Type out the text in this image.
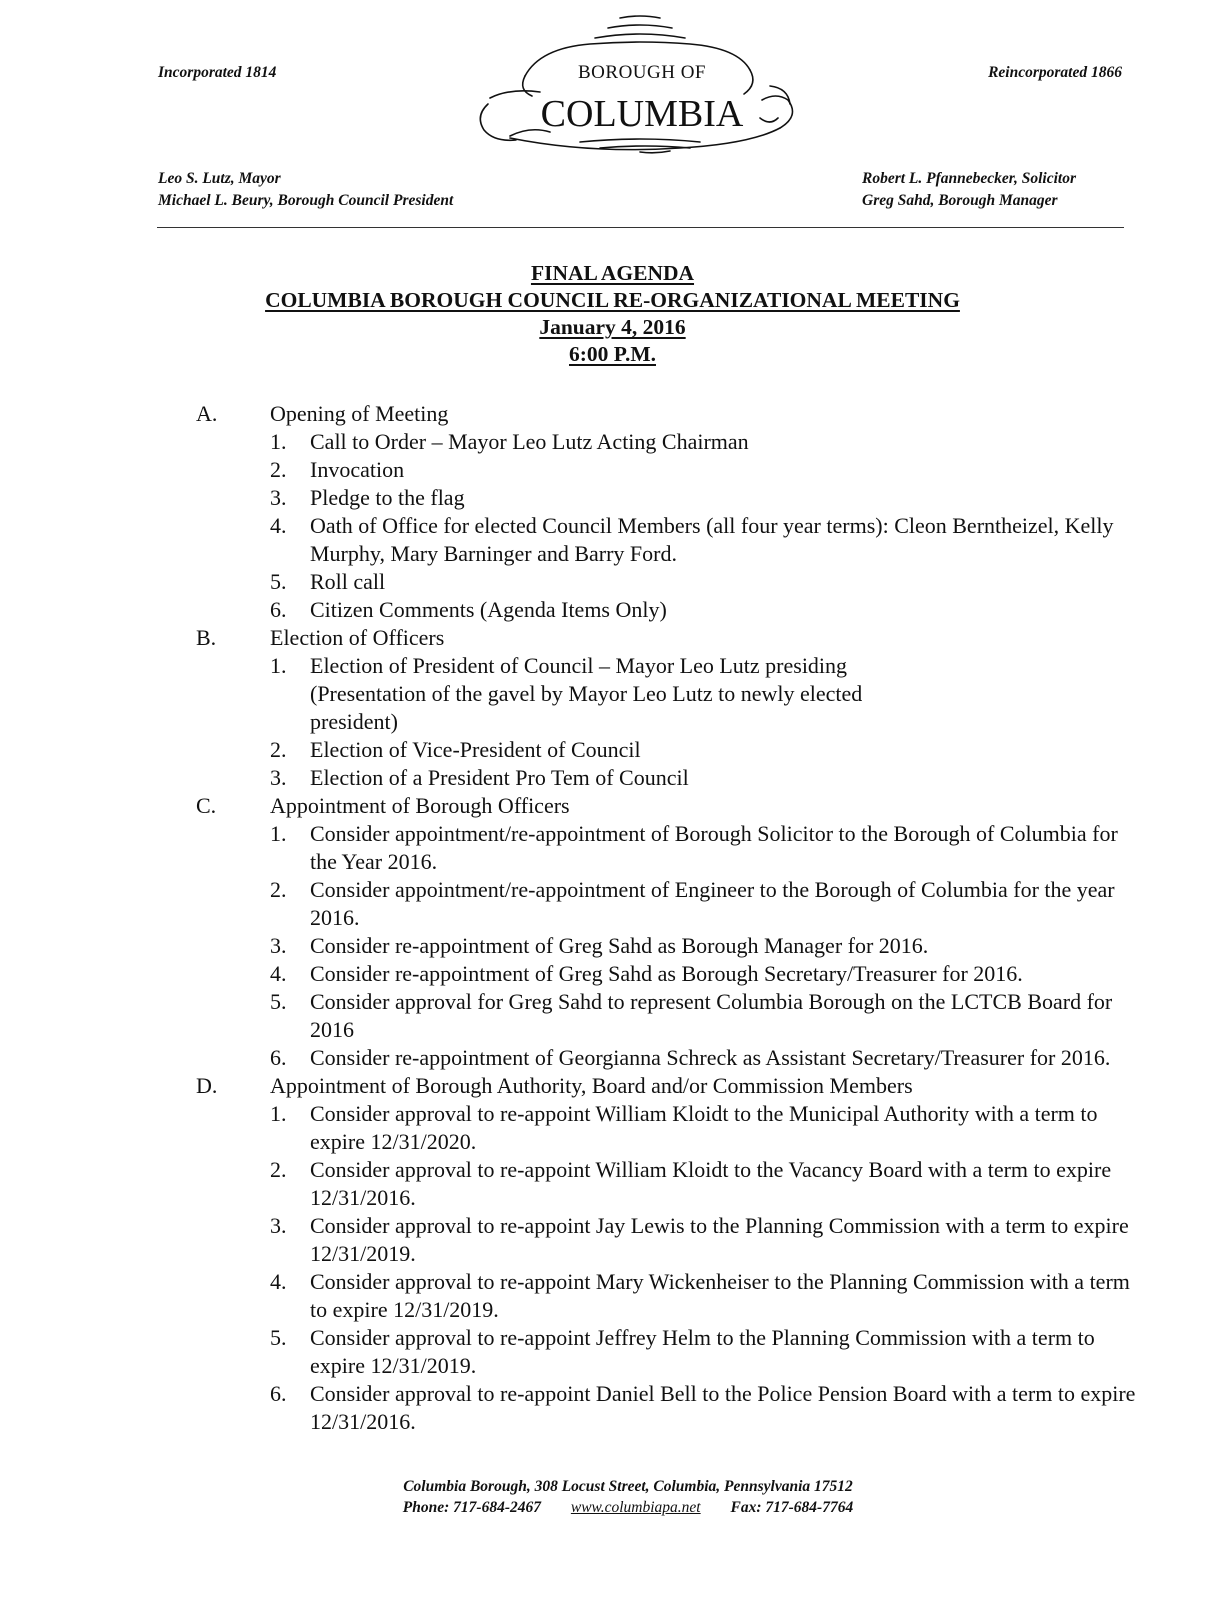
Incorporated 1814	Reincorporated 1866
BOROUGH OF
COLUMBIA
Leo S. Lutz, Mayor
Michael L. Beury, Borough Council President
Robert L. Pfannebecker, Solicitor
Greg Sahd, Borough Manager
FINAL AGENDA
COLUMBIA BOROUGH COUNCIL RE-ORGANIZATIONAL MEETING
January 4, 2016
6:00 P.M.
A. Opening of Meeting
1. Call to Order – Mayor Leo Lutz Acting Chairman
2. Invocation
3. Pledge to the flag
4. Oath of Office for elected Council Members (all four year terms): Cleon Berntheizel, Kelly Murphy, Mary Barninger and Barry Ford.
5. Roll call
6. Citizen Comments (Agenda Items Only)
B. Election of Officers
1. Election of President of Council – Mayor Leo Lutz presiding (Presentation of the gavel by Mayor Leo Lutz to newly elected president)
2. Election of Vice-President of Council
3. Election of a President Pro Tem of Council
C. Appointment of Borough Officers
1. Consider appointment/re-appointment of Borough Solicitor to the Borough of Columbia for the Year 2016.
2. Consider appointment/re-appointment of Engineer to the Borough of Columbia for the year 2016.
3. Consider re-appointment of Greg Sahd as Borough Manager for 2016.
4. Consider re-appointment of Greg Sahd as Borough Secretary/Treasurer for 2016.
5. Consider approval for Greg Sahd to represent Columbia Borough on the LCTCB Board for 2016
6. Consider re-appointment of Georgianna Schreck as Assistant Secretary/Treasurer for 2016.
D. Appointment of Borough Authority, Board and/or Commission Members
1. Consider approval to re-appoint William Kloidt to the Municipal Authority with a term to expire 12/31/2020.
2. Consider approval to re-appoint William Kloidt to the Vacancy Board with a term to expire 12/31/2016.
3. Consider approval to re-appoint Jay Lewis to the Planning Commission with a term to expire 12/31/2019.
4. Consider approval to re-appoint Mary Wickenheiser to the Planning Commission with a term to expire 12/31/2019.
5. Consider approval to re-appoint Jeffrey Helm to the Planning Commission with a term to expire 12/31/2019.
6. Consider approval to re-appoint Daniel Bell to the Police Pension Board with a term to expire 12/31/2016.
Columbia Borough, 308 Locust Street, Columbia, Pennsylvania 17512
Phone: 717-684-2467 www.columbiapa.net Fax: 717-684-7764
